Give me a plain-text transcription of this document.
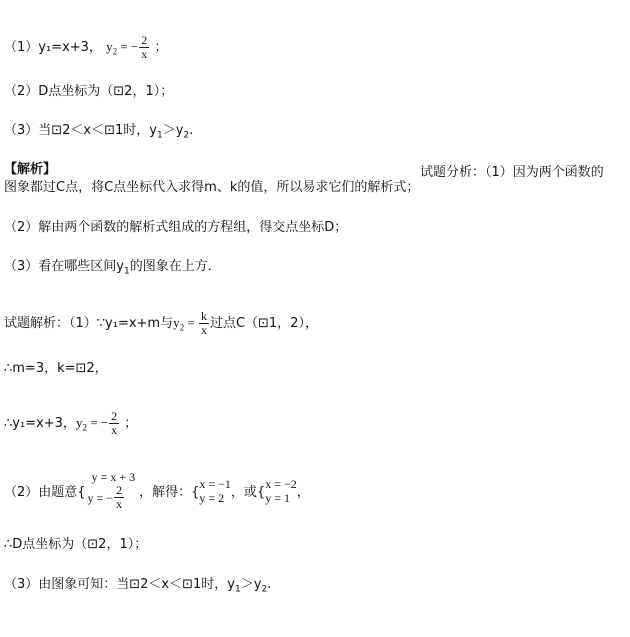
（1）y₁=x+3， $y_2$ = − $\frac{2}{x}$ ；
（2）D点坐标为（⊡2，1）；
（3）当⊡2＜x＜⊡1时，$y_1>y_2$.
【解析】	试题分析：（1）因为两个函数的
图象都过C点，将C点坐标代入求得m、k的值，所以易求它们的解析式；
（2）解由两个函数的解析式组成的方程组，得交点坐标D；
（3）看在哪些区间$y_1$的图象在上方．
试题解析：（1）∵y₁=x+m与$y_2 = \frac{k}{x}$ 过点C（⊡1，2），
∴m=3，k=⊡2，
∴y₁=x+3，$y_2$ = − $\frac{2}{x}$ ；
（2）由题意{
y = x + 3
y = − $\frac{2}{x}$ ，解得：{
x = −1
y = 2 ，或{
x = −2
y = 1 ，
∴D点坐标为（⊡2，1）；
（3）由图象可知：当⊡2＜x＜⊡1时，$y_1>y_2$.
